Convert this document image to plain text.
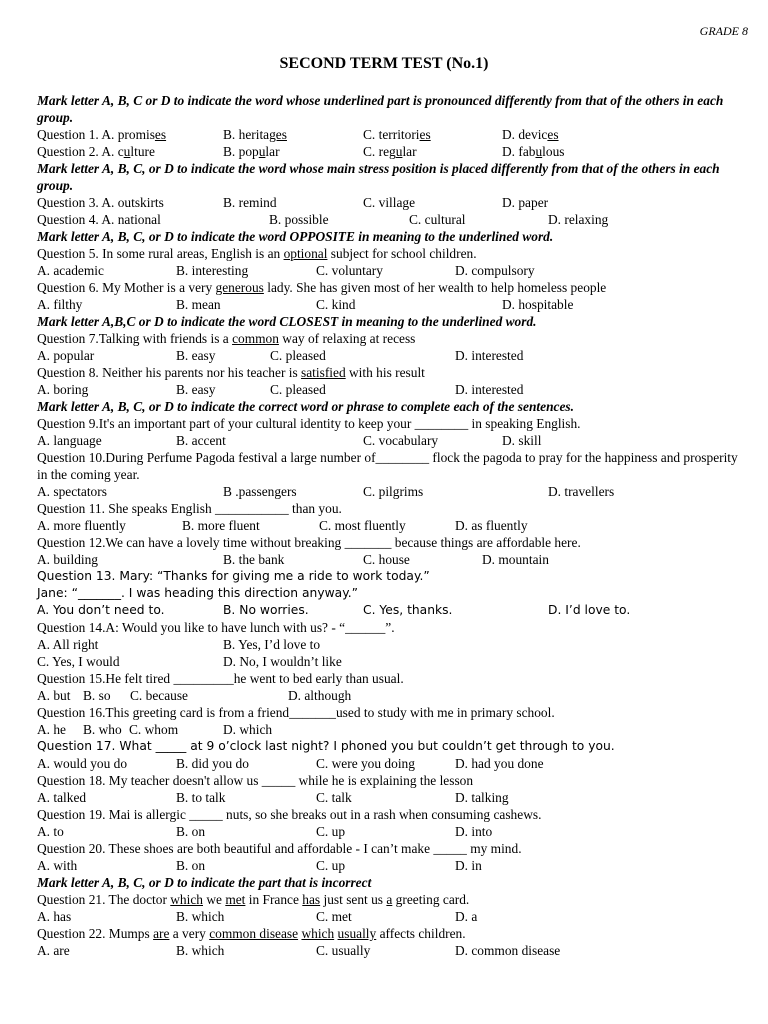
GRADE 8
SECOND TERM TEST (No.1)
Mark letter A, B, C or D to indicate the word whose underlined part is pronounced differently from that of the others in each group.
Question 1. A. promises	B. heritages	C. territories	D. devices
Question 2. A. culture	B. popular	C. regular	D. fabulous
Mark letter A, B, C, or D to indicate the word whose main stress position is placed differently from that of the others in each group.
Question 3. A. outskirts	B. remind	C. village	D. paper
Question 4. A. national	B. possible	C. cultural	D. relaxing
Mark letter A, B, C, or D to indicate the word OPPOSITE in meaning to the underlined word.
Question 5. In some rural areas, English is an optional subject for school children.
A. academic	B. interesting	C. voluntary	D. compulsory
Question 6. My Mother is a very generous lady. She has given most of her wealth to help homeless people
A. filthy	B. mean	C. kind	D. hospitable
Mark letter A,B,C or D to indicate the word CLOSEST in meaning to the underlined word.
Question 7.Talking with friends is a common way of relaxing at recess
A. popular	B. easy	C. pleased	D. interested
Question 8. Neither his parents nor his teacher is satisfied with his result
A. boring	B. easy	C. pleased	D. interested
Mark letter A, B, C, or D to indicate the correct word or phrase to complete each of the sentences.
Question 9.It's an important part of your cultural identity to keep your ________ in speaking English.
A. language	B. accent	C. vocabulary	D. skill
Question 10.During Perfume Pagoda festival a large number of________ flock the pagoda to pray for the happiness and prosperity in the coming year.
A. spectators	B .passengers	C. pilgrims	D. travellers
Question 11. She speaks English ___________ than you.
A. more fluently	B. more fluent	C. most fluently	D. as fluently
Question 12.We can have a lovely time without breaking _______ because things are affordable here.
A. building	B. the bank	C. house	D. mountain
Question 13. Mary: “Thanks for giving me a ride to work today.”
Jane: “_______. I was heading this direction anyway.”
A. You don’t need to.	B. No worries.	C. Yes, thanks.	D. I’d love to.
Question 14.A: Would you like to have lunch with us? - “______”.
A. All right	B. Yes, I’d love to
C. Yes, I would	D. No, I wouldn’t like
Question 15.He felt tired _________he went to bed early than usual.
A. but B. so C. because	D. although
Question 16.This greeting card is from a friend_______used to study with me in primary school.
A. he B. who C. whom	D. which
Question 17. What _____ at 9 o’clock last night? I phoned you but couldn’t get through to you.
A. would you do	B. did you do	C. were you doing	D. had you done
Question 18. My teacher doesn't allow us _____ while he is explaining the lesson
A. talked	B. to talk	C. talk	D. talking
Question 19. Mai is allergic _____ nuts, so she breaks out in a rash when consuming cashews.
A. to	B. on	C. up	D. into
Question 20. These shoes are both beautiful and affordable - I can’t make _____ my mind.
A. with	B. on	C. up	D. in
Mark letter A, B, C, or D to indicate the part that is incorrect
Question 21. The doctor which we met in France has just sent us a greeting card.
A. has	B. which	C. met	D. a
Question 22. Mumps are a very common disease which usually affects children.
A. are	B. which	C. usually	D. common disease
